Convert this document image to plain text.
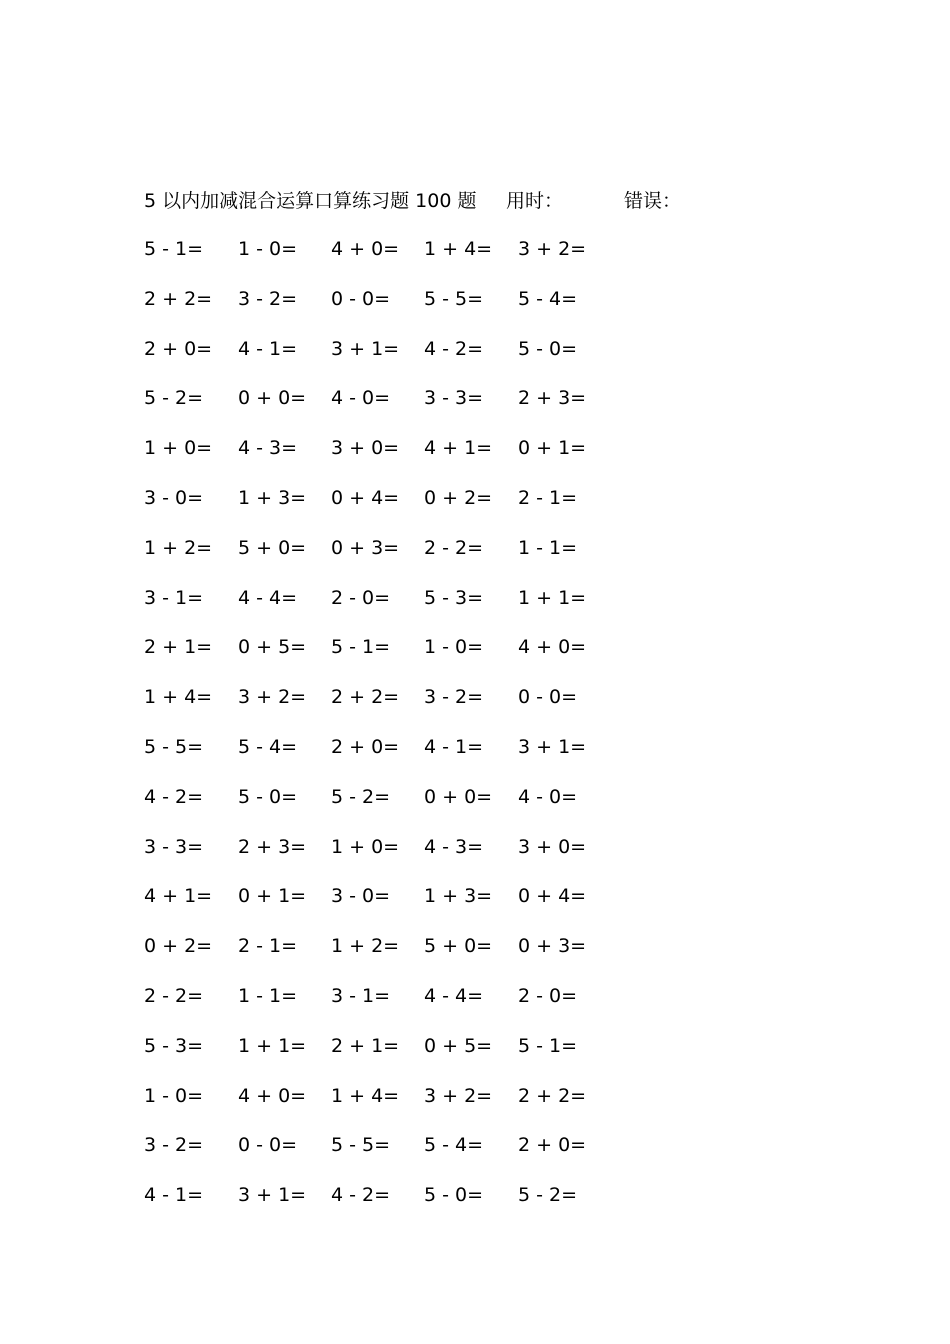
5 以内加减混合运算口算练习题 100 题 用时：	错误：
5 - 1= 1 - 0= 4 + 0= 1 + 4= 3 + 2=
2 + 2= 3 - 2= 0 - 0= 5 - 5= 5 - 4=
2 + 0= 4 - 1= 3 + 1= 4 - 2= 5 - 0=
5 - 2= 0 + 0= 4 - 0= 3 - 3= 2 + 3=
1 + 0= 4 - 3= 3 + 0= 4 + 1= 0 + 1=
3 - 0= 1 + 3= 0 + 4= 0 + 2= 2 - 1=
1 + 2= 5 + 0= 0 + 3= 2 - 2= 1 - 1=
3 - 1= 4 - 4= 2 - 0= 5 - 3= 1 + 1=
2 + 1= 0 + 5= 5 - 1= 1 - 0= 4 + 0=
1 + 4= 3 + 2= 2 + 2= 3 - 2= 0 - 0=
5 - 5= 5 - 4= 2 + 0= 4 - 1= 3 + 1=
4 - 2= 5 - 0= 5 - 2= 0 + 0= 4 - 0=
3 - 3= 2 + 3= 1 + 0= 4 - 3= 3 + 0=
4 + 1= 0 + 1= 3 - 0= 1 + 3= 0 + 4=
0 + 2= 2 - 1= 1 + 2= 5 + 0= 0 + 3=
2 - 2= 1 - 1= 3 - 1= 4 - 4= 2 - 0=
5 - 3= 1 + 1= 2 + 1= 0 + 5= 5 - 1=
1 - 0= 4 + 0= 1 + 4= 3 + 2= 2 + 2=
3 - 2= 0 - 0= 5 - 5= 5 - 4= 2 + 0=
4 - 1= 3 + 1= 4 - 2= 5 - 0= 5 - 2=
